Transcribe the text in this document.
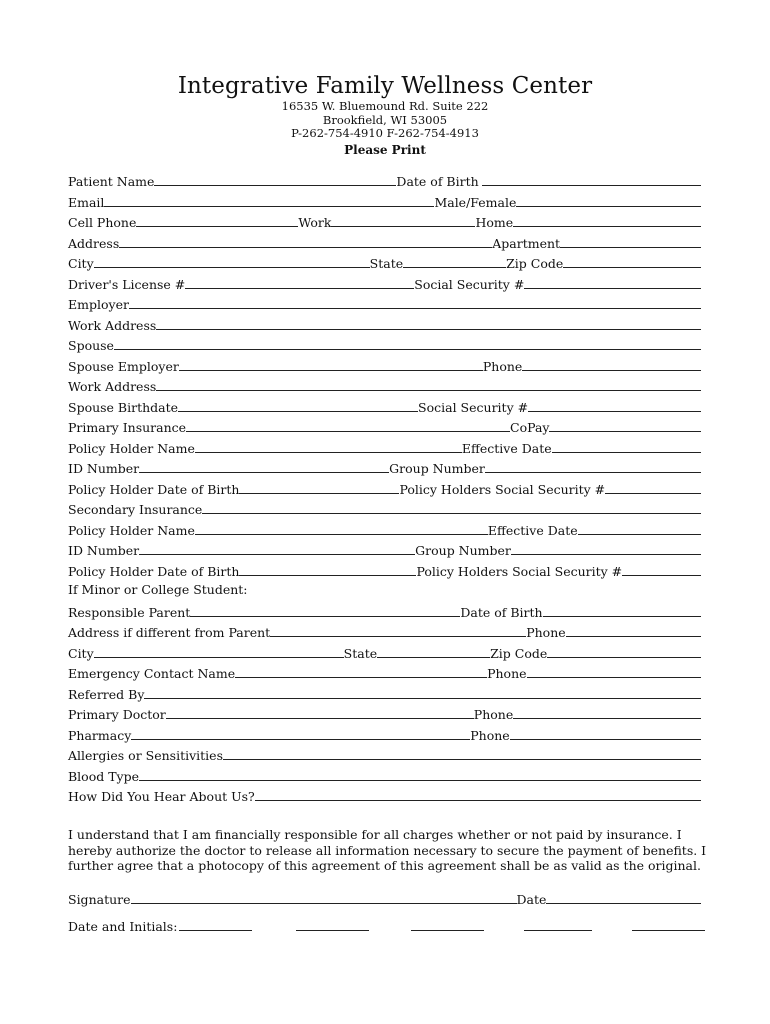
Integrative Family Wellness Center
16535 W. Bluemound Rd. Suite 222
Brookfield, WI 53005
P-262-754-4910 F-262-754-4913
Please Print
Patient Name	Date of Birth
Email	Male/Female
Cell Phone	Work	Home
Address	Apartment
City	State	Zip Code
Driver's License #	Social Security #
Employer
Work Address
Spouse
Spouse Employer	Phone
Work Address
Spouse Birthdate	Social Security #
Primary Insurance	CoPay
Policy Holder Name	Effective Date
ID Number	Group Number
Policy Holder Date of Birth	Policy Holders Social Security #
Secondary Insurance
Policy Holder Name	Effective Date
ID Number	Group Number
Policy Holder Date of Birth	Policy Holders Social Security #
If Minor or College Student:
Responsible Parent	Date of Birth
Address if different from Parent	Phone
City	State	Zip Code
Emergency Contact Name	Phone
Referred By
Primary Doctor	Phone
Pharmacy	Phone
Allergies or Sensitivities
Blood Type
How Did You Hear About Us?
I understand that I am financially responsible for all charges whether or not paid by insurance. I hereby authorize the doctor to release all information necessary to secure the payment of benefits. I further agree that a photocopy of this agreement of this agreement shall be as valid as the original.
Signature	Date
Date and Initials:
